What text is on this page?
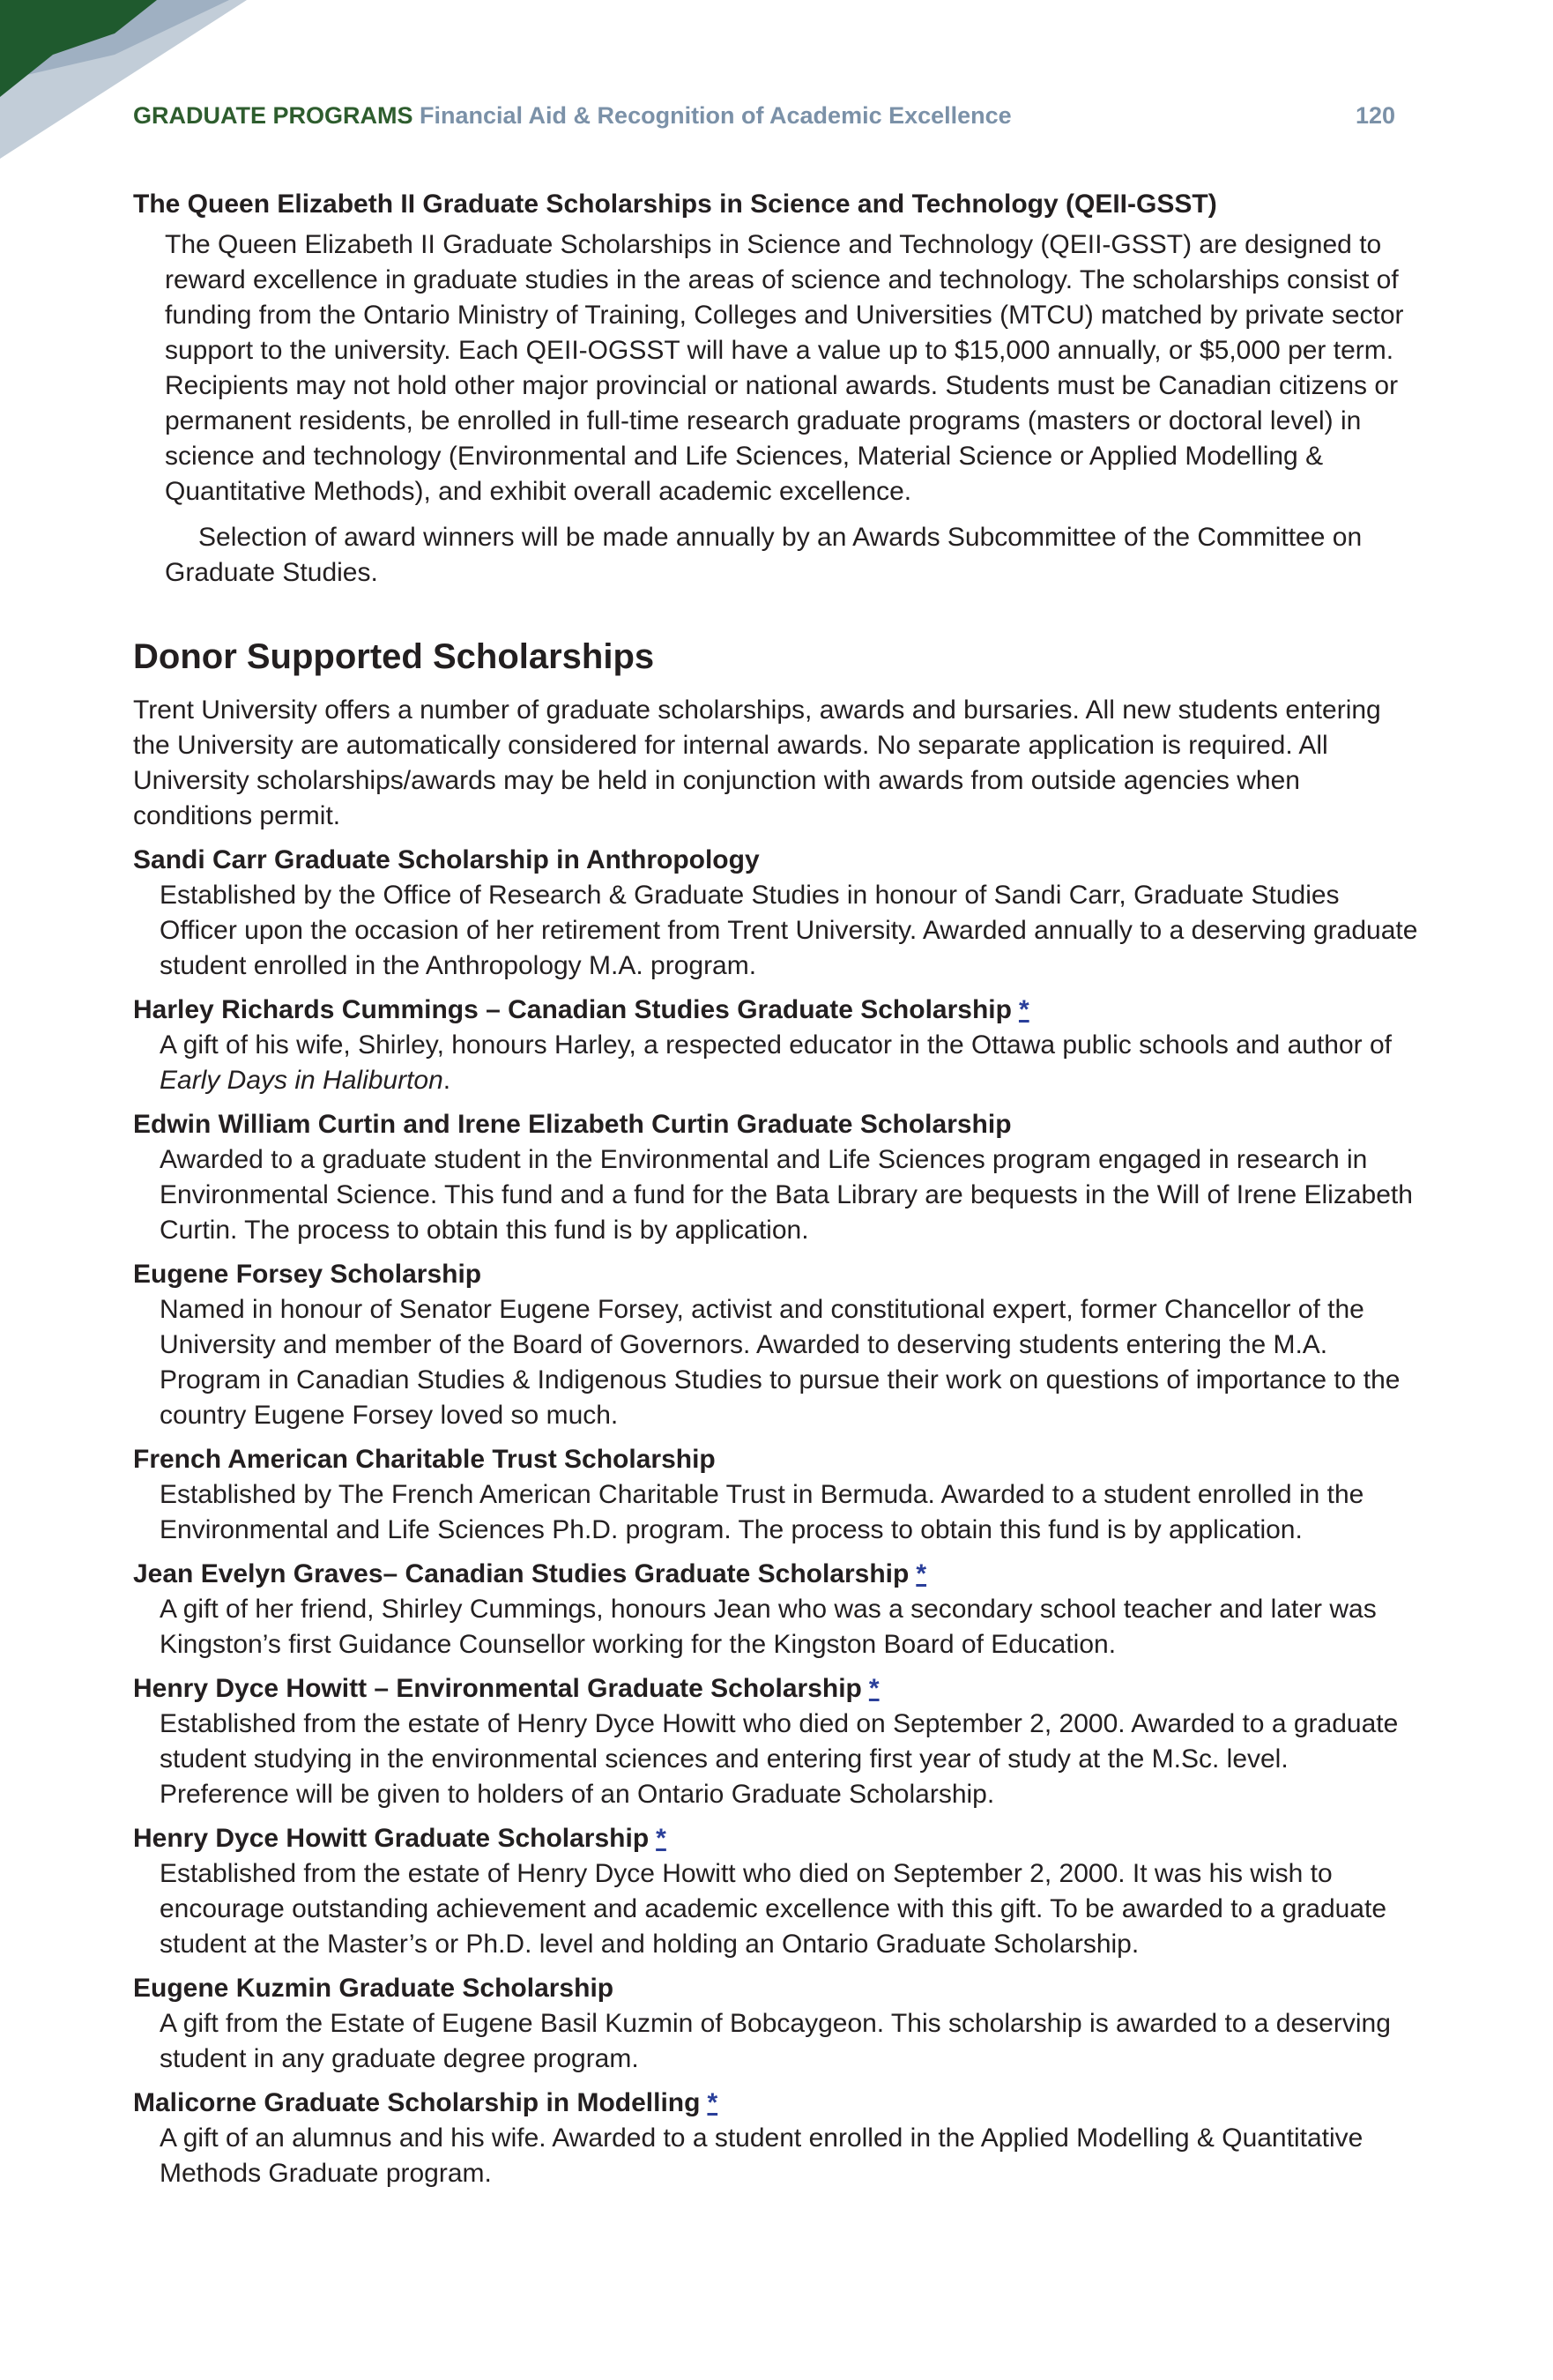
GRADUATE PROGRAMS Financial Aid & Recognition of Academic Excellence	120
The Queen Elizabeth II Graduate Scholarships in Science and Technology (QEII-GSST)
The Queen Elizabeth II Graduate Scholarships in Science and Technology (QEII-GSST) are designed to reward excellence in graduate studies in the areas of science and technology. The scholarships consist of funding from the Ontario Ministry of Training, Colleges and Universities (MTCU) matched by private sector support to the university. Each QEII-OGSST will have a value up to $15,000 annually, or $5,000 per term. Recipients may not hold other major provincial or national awards. Students must be Canadian citizens or permanent residents, be enrolled in full-time research graduate programs (masters or doctoral level) in science and technology (Environmental and Life Sciences, Material Science or Applied Modelling & Quantitative Methods), and exhibit overall academic excellence.
Selection of award winners will be made annually by an Awards Subcommittee of the Committee on Graduate Studies.
Donor Supported Scholarships
Trent University offers a number of graduate scholarships, awards and bursaries. All new students entering the University are automatically considered for internal awards. No separate application is required. All University scholarships/awards may be held in conjunction with awards from outside agencies when conditions permit.
Sandi Carr Graduate Scholarship in Anthropology
Established by the Office of Research & Graduate Studies in honour of Sandi Carr, Graduate Studies Officer upon the occasion of her retirement from Trent University. Awarded annually to a deserving graduate student enrolled in the Anthropology M.A. program.
Harley Richards Cummings – Canadian Studies Graduate Scholarship *
A gift of his wife, Shirley, honours Harley, a respected educator in the Ottawa public schools and author of Early Days in Haliburton.
Edwin William Curtin and Irene Elizabeth Curtin Graduate Scholarship
Awarded to a graduate student in the Environmental and Life Sciences program engaged in research in Environmental Science. This fund and a fund for the Bata Library are bequests in the Will of Irene Elizabeth Curtin. The process to obtain this fund is by application.
Eugene Forsey Scholarship
Named in honour of Senator Eugene Forsey, activist and constitutional expert, former Chancellor of the University and member of the Board of Governors. Awarded to deserving students entering the M.A. Program in Canadian Studies & Indigenous Studies to pursue their work on questions of importance to the country Eugene Forsey loved so much.
French American Charitable Trust Scholarship
Established by The French American Charitable Trust in Bermuda. Awarded to a student enrolled in the Environmental and Life Sciences Ph.D. program. The process to obtain this fund is by application.
Jean Evelyn Graves– Canadian Studies Graduate Scholarship *
A gift of her friend, Shirley Cummings, honours Jean who was a secondary school teacher and later was Kingston’s first Guidance Counsellor working for the Kingston Board of Education.
Henry Dyce Howitt – Environmental Graduate Scholarship *
Established from the estate of Henry Dyce Howitt who died on September 2, 2000. Awarded to a graduate student studying in the environmental sciences and entering first year of study at the M.Sc. level. Preference will be given to holders of an Ontario Graduate Scholarship.
Henry Dyce Howitt Graduate Scholarship *
Established from the estate of Henry Dyce Howitt who died on September 2, 2000. It was his wish to encourage outstanding achievement and academic excellence with this gift. To be awarded to a graduate student at the Master’s or Ph.D. level and holding an Ontario Graduate Scholarship.
Eugene Kuzmin Graduate Scholarship
A gift from the Estate of Eugene Basil Kuzmin of Bobcaygeon. This scholarship is awarded to a deserving student in any graduate degree program.
Malicorne Graduate Scholarship in Modelling *
A gift of an alumnus and his wife. Awarded to a student enrolled in the Applied Modelling & Quantitative Methods Graduate program.
